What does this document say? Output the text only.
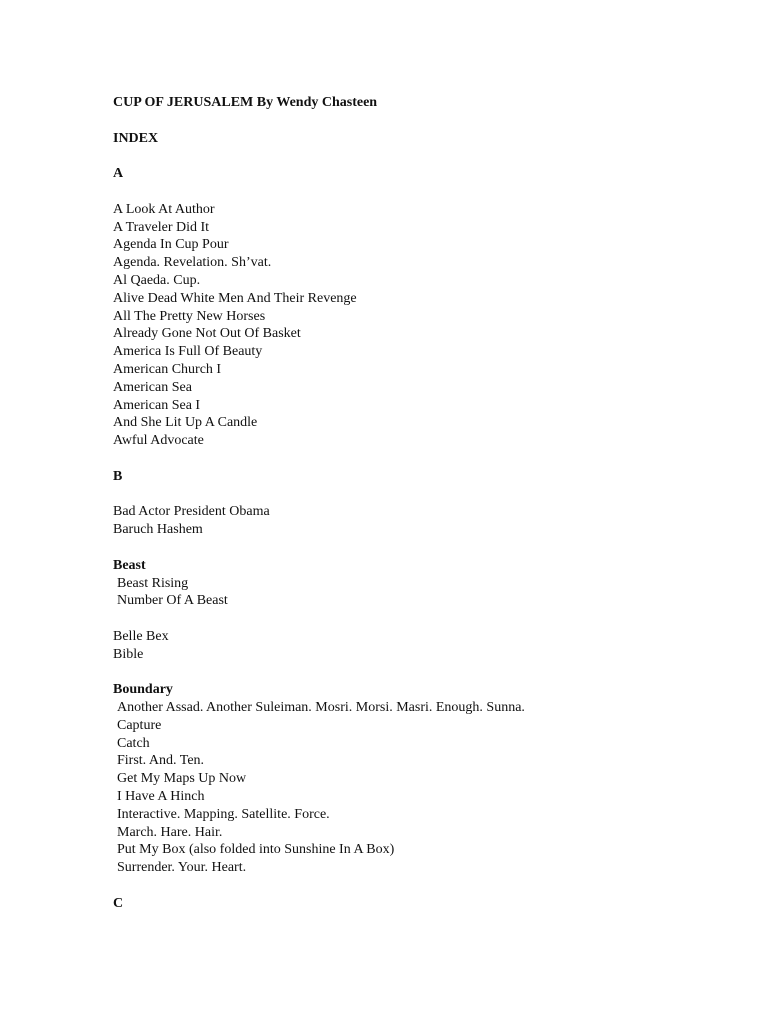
CUP OF JERUSALEM By Wendy Chasteen
INDEX
A
A Look At Author
A Traveler Did It
Agenda In Cup Pour
Agenda. Revelation. Sh’vat.
Al Qaeda. Cup.
Alive Dead White Men And Their Revenge
All The Pretty New Horses
Already Gone Not Out Of Basket
America Is Full Of Beauty
American Church I
American Sea
American Sea I
And She Lit Up A Candle
Awful Advocate
B
Bad Actor President Obama
Baruch Hashem
Beast
Beast Rising
Number Of A Beast
Belle Bex
Bible
Boundary
Another Assad. Another Suleiman. Mosri. Morsi. Masri. Enough. Sunna.
Capture
Catch
First. And. Ten.
Get My Maps Up Now
I Have A Hinch
Interactive. Mapping. Satellite. Force.
March. Hare. Hair.
Put My Box (also folded into Sunshine In A Box)
Surrender. Your. Heart.
C
